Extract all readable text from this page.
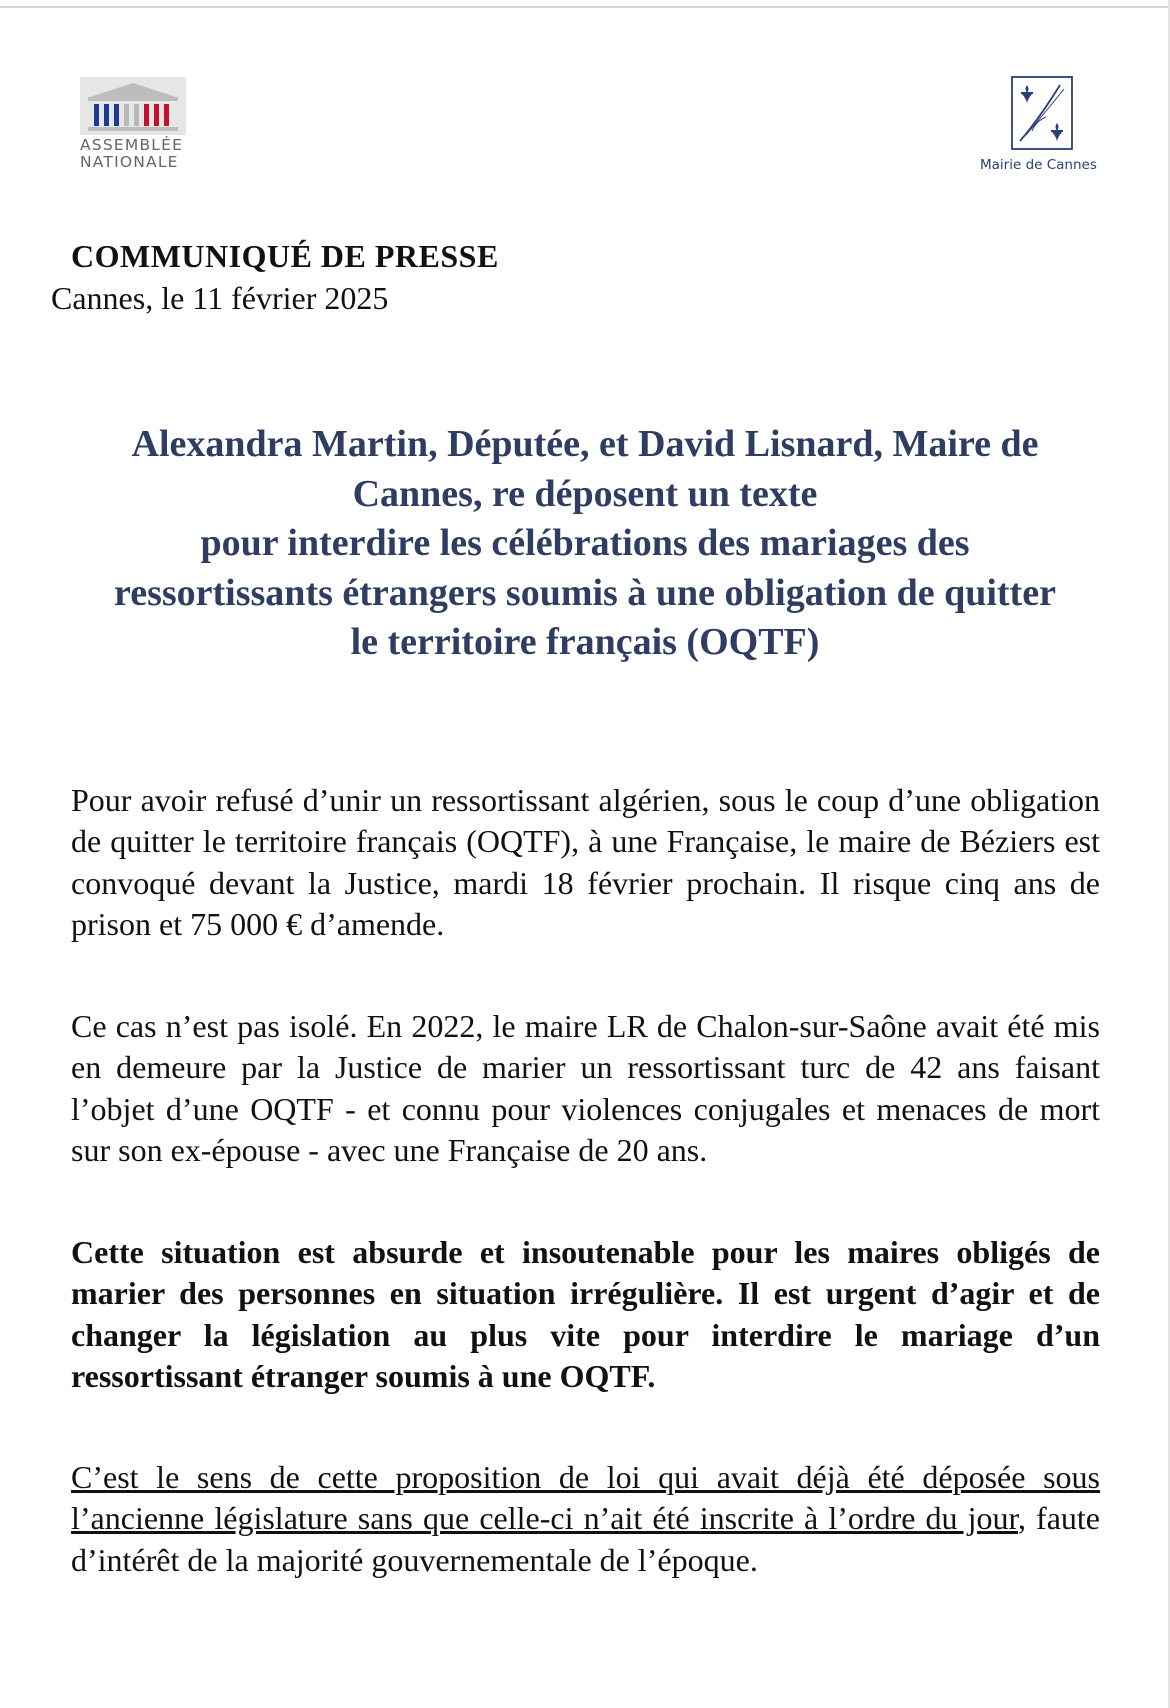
ASSEMBLÉE
NATIONALE	Mairie de Cannes
COMMUNIQUÉ DE PRESSE

Cannes, le 11 février 2025

Alexandra Martin, Députée, et David Lisnard, Maire de
Cannes, re déposent un texte
pour interdire les célébrations des mariages des
ressortissants étrangers soumis à une obligation de quitter
le territoire français (OQTF)

Pour avoir refusé d’unir un ressortissant algérien, sous le coup d’une obligation de quitter le territoire français (OQTF), à une Française, le maire de Béziers est convoqué devant la Justice, mardi 18 février prochain. Il risque cinq ans de prison et 75 000 € d’amende.

Ce cas n’est pas isolé. En 2022, le maire LR de Chalon-sur-Saône avait été mis en demeure par la Justice de marier un ressortissant turc de 42 ans faisant l’objet d’une OQTF - et connu pour violences conjugales et menaces de mort sur son ex-épouse - avec une Française de 20 ans.

Cette situation est absurde et insoutenable pour les maires obligés de marier des personnes en situation irrégulière. Il est urgent d’agir et de changer la législation au plus vite pour interdire le mariage d’un ressortissant étranger soumis à une OQTF.

C’est le sens de cette proposition de loi qui avait déjà été déposée sous l’ancienne législature sans que celle-ci n’ait été inscrite à l’ordre du jour, faute d’intérêt de la majorité gouvernementale de l’époque.
